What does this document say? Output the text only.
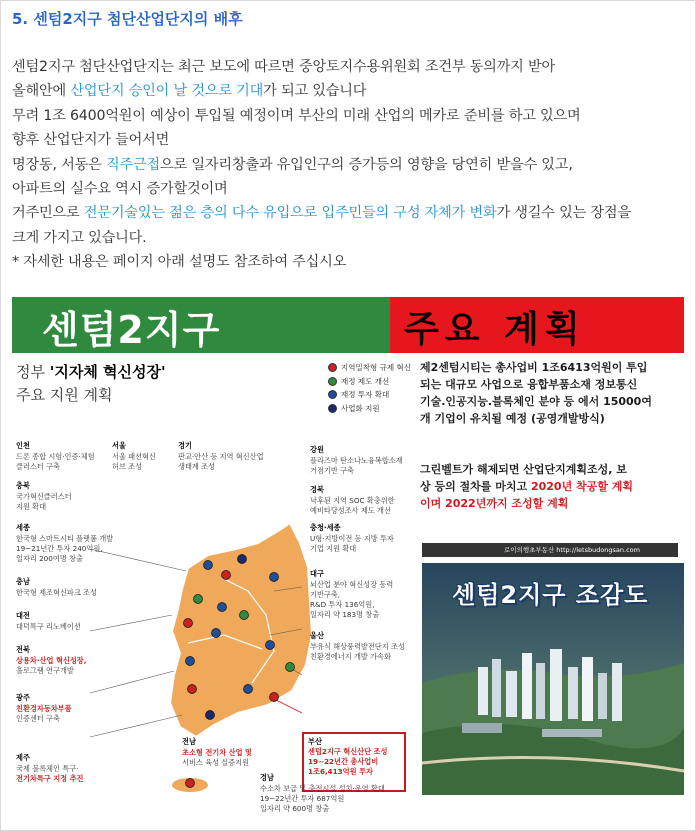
5. 센텀2지구 첨단산업단지의 배후

센텀2지구 첨단산업단지는 최근 보도에 따르면 중앙토지수용위원회 조건부 동의까지 받아

올해안에 산업단지 승인이 날 것으로 기대가 되고 있습니다

무려 1조 6400억원이 예상이 투입될 예정이며 부산의 미래 산업의 메카로 준비를 하고 있으며

향후 산업단지가 들어서면

명장동, 서동은 직주근접으로 일자리창출과 유입인구의 증가등의 영향을 당연히 받을수 있고,

아파트의 실수요 역시 증가할것이며

거주민으로 전문기술있는 젊은 층의 다수 유입으로 입주민들의 구성 자체가 변화가 생길수 있는 장점을

크게 가지고 있습니다.

* 자세한 내용은 페이지 아래 설명도 참조하여 주십시오

센텀2지구	주요 계획
정부 '지자체 혁신성장'
주요 지원 계획
지역밀착형 규제 혁신
재정 제도 개선
재정 투자 확대
사업화 지원
인천
드론 종합 시험·인증·체험
클러스터 구축
서울
서울 패션혁신
허브 조성
경기
판교·안산 등 지역 혁신산업
생태계 조성
강원
플라즈마 탄소나노융복합소재
거점기반 구축
충북
국가혁신클러스터
지원 확대
경북
낙후된 지역 SOC 확충위한
예비타당성조사 제도 개선
세종
한국형 스마트시티 플랫폼 개발
19~21년간 투자 240억원,
일자리 200여명 창출
충청·세종
U형·지방이전 등 지방 투자
기업 지원 확대
충남
한국형 제조혁신파크 조성
대구
뇌산업 분야 혁신성장 동력
기반구축,
R&D 투자 136억원,
일자리 약 183명 창출
대전
대덕특구 리노베이션
울산
부유식 해상풍력발전단지 조성
친환경에너지 개발 가속화
전북
상용차·산업 혁신성장,
홀로그램 연구개발
부산
센텀2지구 혁신산단 조성
19~22년간 총사업비
1조6,413억원 투자
광주
친환경자동차부품
인증센터 구축
전남
초소형 전기차 산업 및
서비스 육성 실증지원
경남
수소차 보급 및 충전시설 설치·운영 확대
19~22년간 투자 687억원
일자리 약 600명 창출
제주
국제 블록체인 특구·
전기차특구 지정 추진
제2센텀시티는 총사업비 1조6413억원이 투입
되는 대규모 사업으로 융합부품소재 정보통신
기술.인공지능.블록체인 분야 등 에서 15000여
개 기업이 유치될 예정 (공영개발방식)
그린벨트가 해제되면 산업단지계획조성, 보
상 등의 절차를 마치고 2020년 착공할 계획
이며 2022년까지 조성할 계획
로이의행초부동산 http://letsbudongsan.com
센텀2지구 조감도
